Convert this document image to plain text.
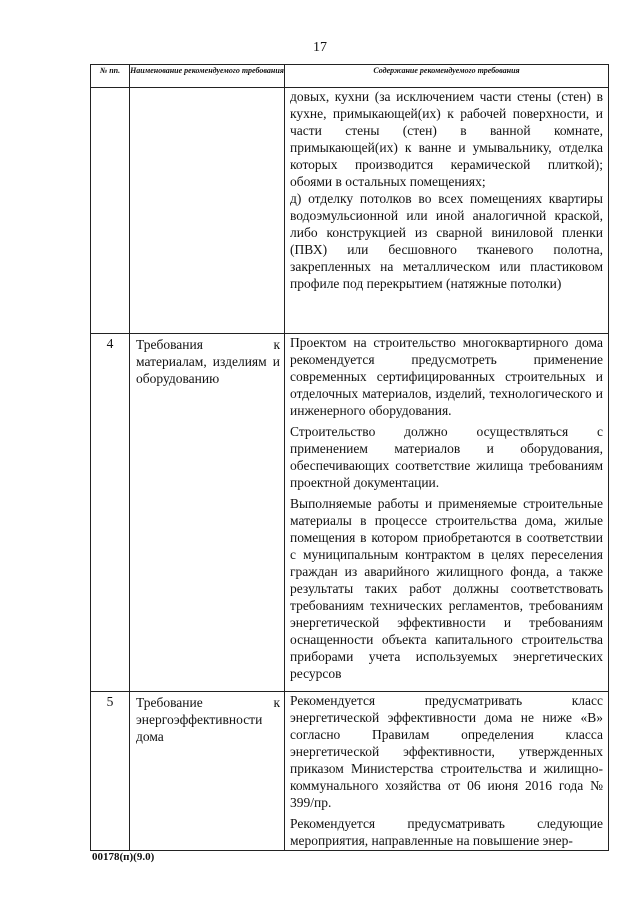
17
№ пп.	Наименование рекомендуемого требования	Содержание рекомендуемого требования

		довых, кухни (за исключением части стены (стен) в кухне, примыкающей(их) к рабочей поверхности, и части стены (стен) в ванной комнате, примыкающей(их) к ванне и умывальнику, отделка которых производится керамической плиткой); обоями в остальных помещениях;

д) отделку потолков во всех помещениях квартиры водоэмульсионной или иной аналогичной краской, либо конструкцией из сварной виниловой пленки (ПВХ) или бесшовного тканевого полотна, закрепленных на металлическом или пластиковом профиле под перекрытием (натяжные потолки)

4	Требования к материалам, изделиям и оборудованию	Проектом на строительство многоквартирного дома рекомендуется предусмотреть применение современных сертифицированных строительных и отделочных материалов, изделий, технологического и инженерного оборудования.

Строительство должно осуществляться с применением материалов и оборудования, обеспечивающих соответствие жилища требованиям проектной документации.

Выполняемые работы и применяемые строительные материалы в процессе строительства дома, жилые помещения в котором приобретаются в соответствии с муниципальным контрактом в целях переселения граждан из аварийного жилищного фонда, а также результаты таких работ должны соответствовать требованиям технических регламентов, требованиям энергетической эффективности и требованиям оснащенности объекта капитального строительства приборами учета используемых энергетических ресурсов

5	Требование к энергоэффективности дома	Рекомендуется предусматривать класс энергетической эффективности дома не ниже «В» согласно Правилам определения класса энергетической эффективности, утвержденных приказом Министерства строительства и жилищно-коммунального хозяйства от 06 июня 2016 года № 399/пр.

Рекомендуется предусматривать следующие мероприятия, направленные на повышение энер-

00178(п)(9.0)
